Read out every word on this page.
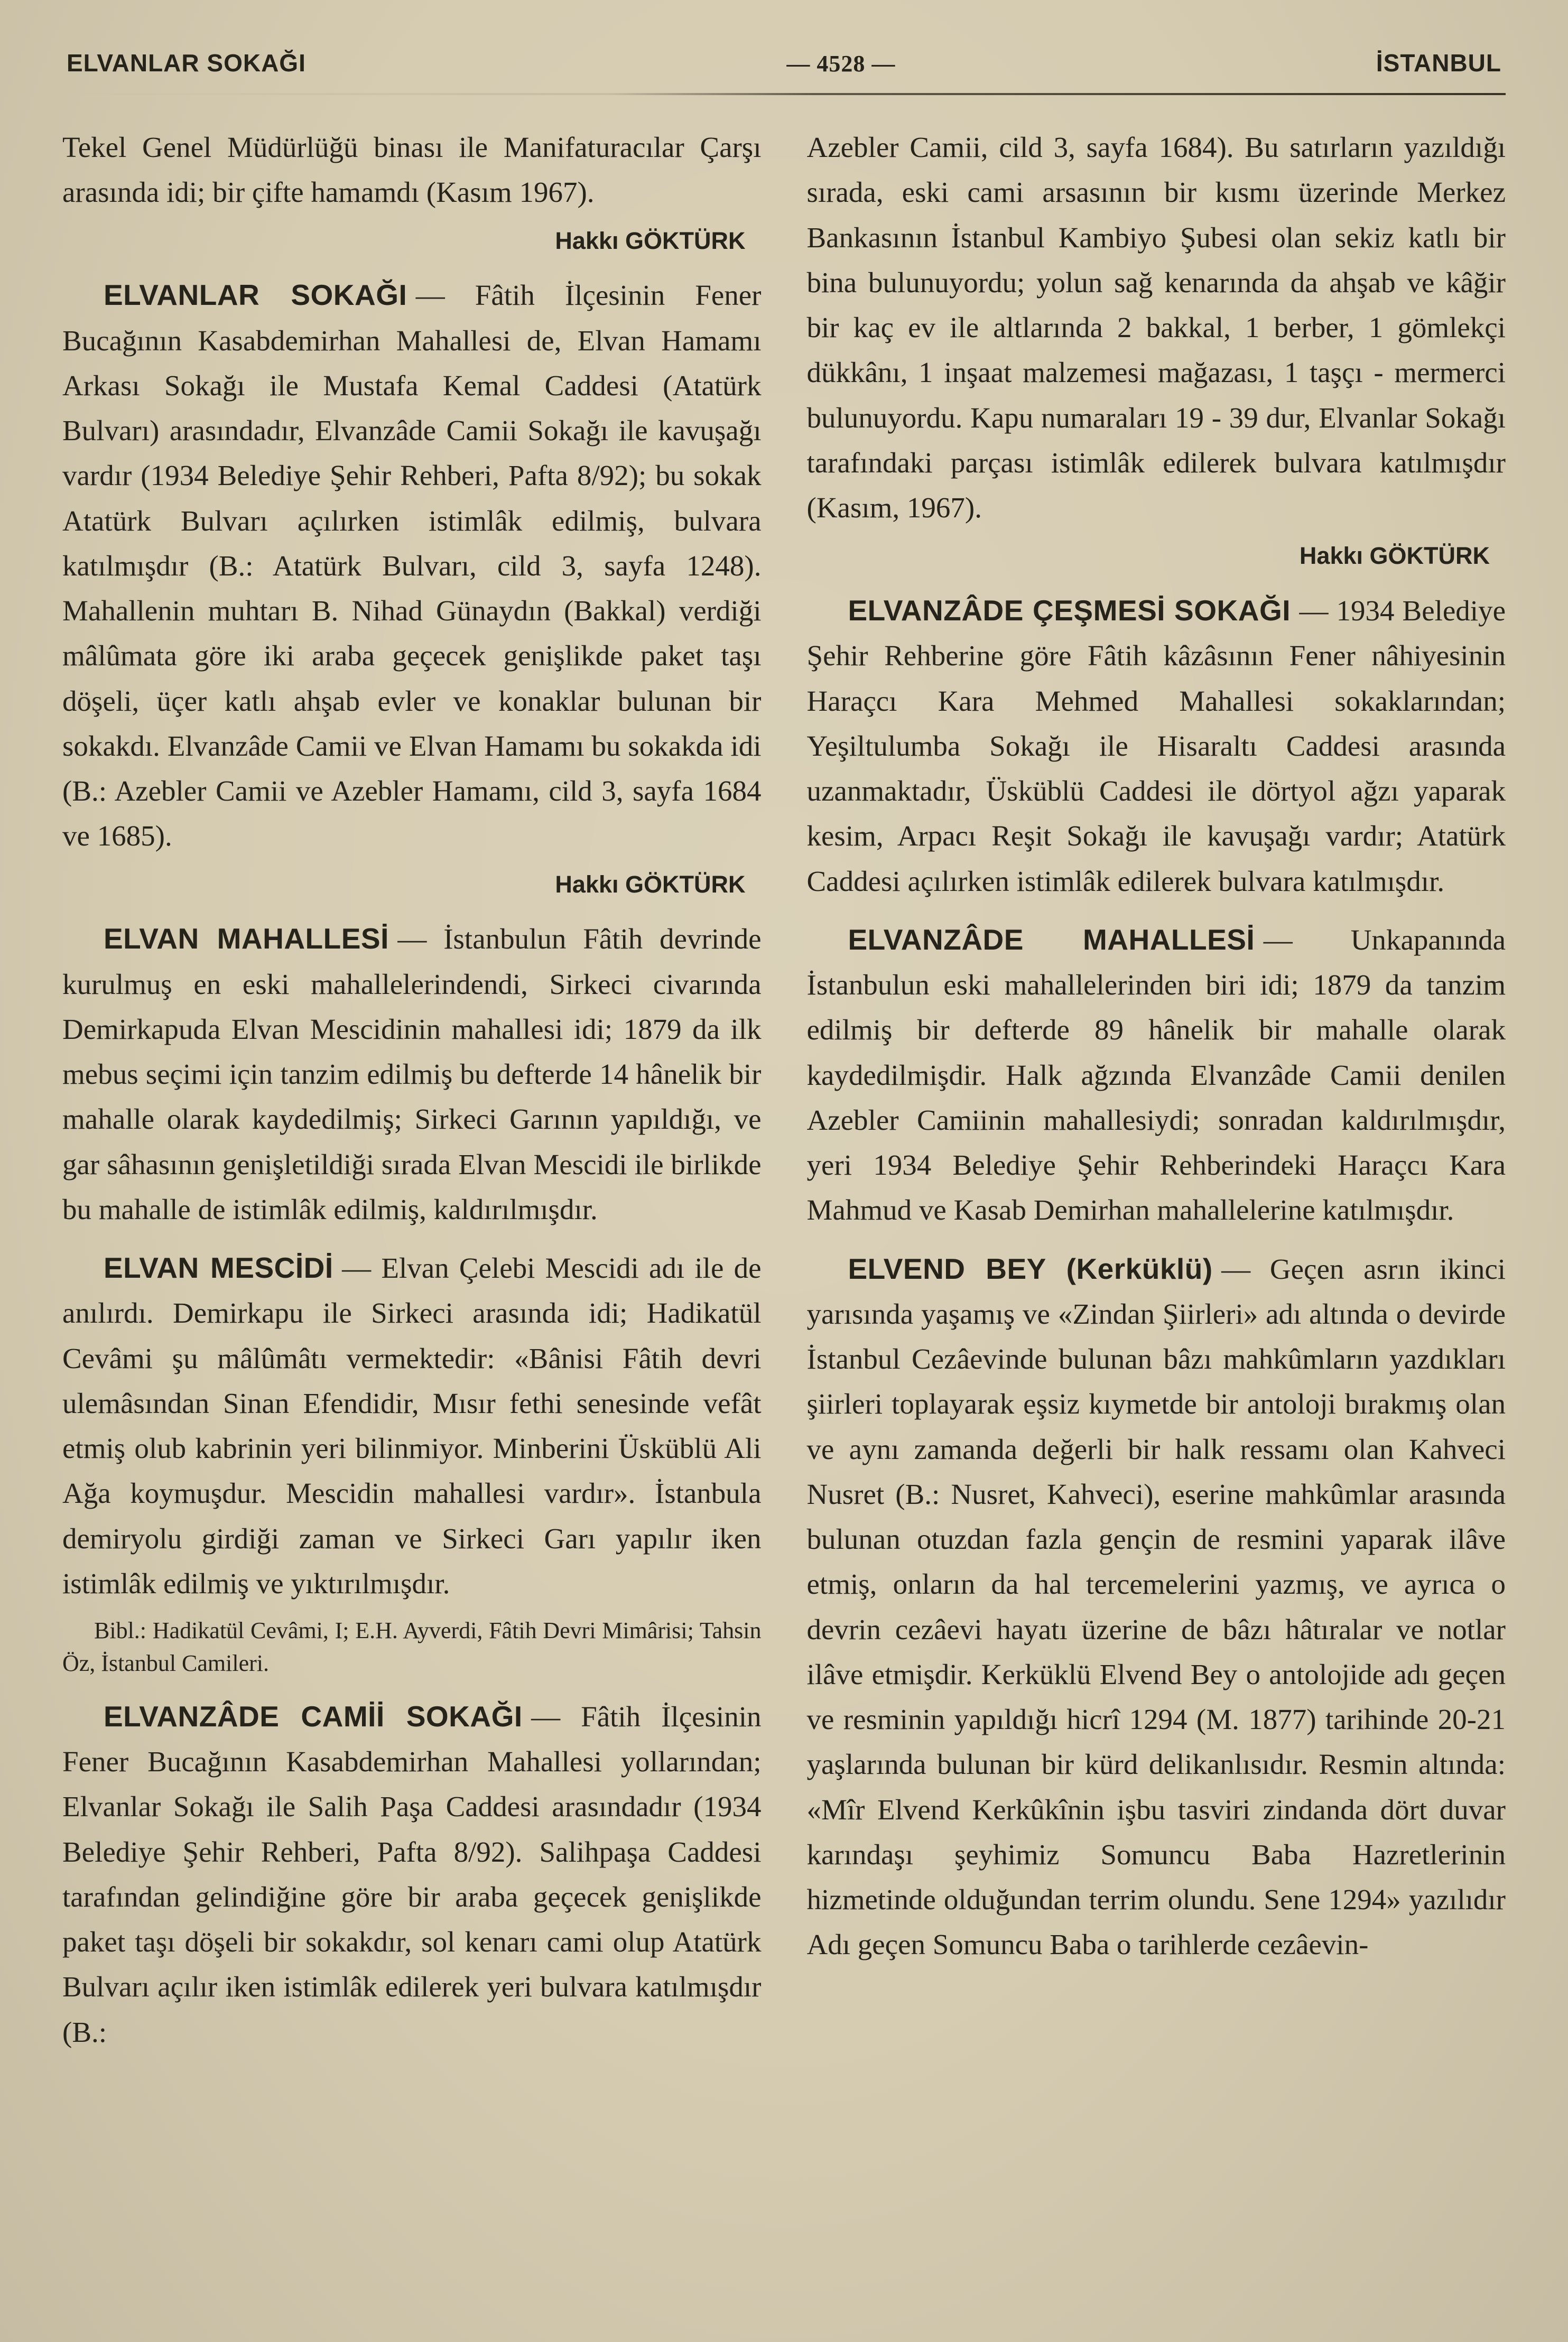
ELVANLAR SOKAĞI	— 4528 —	İSTANBUL

Tekel Genel Müdürlüğü binası ile Manifaturacılar Çarşı arasında idi; bir çifte hamamdı (Kasım 1967).

Hakkı GÖKTÜRK

ELVANLAR SOKAĞI — Fâtih İlçesinin Fener Bucağının Kasabdemirhan Mahallesi de, Elvan Hamamı Arkası Sokağı ile Mustafa Kemal Caddesi (Atatürk Bulvarı) arasındadır, Elvanzâde Camii Sokağı ile kavuşağı vardır (1934 Belediye Şehir Rehberi, Pafta 8/92); bu sokak Atatürk Bulvarı açılırken istimlâk edilmiş, bulvara katılmışdır (B.: Atatürk Bulvarı, cild 3, sayfa 1248). Mahallenin muhtarı B. Nihad Günaydın (Bakkal) verdiği mâlûmata göre iki araba geçecek genişlikde paket taşı döşeli, üçer katlı ahşab evler ve konaklar bulunan bir sokakdı. Elvanzâde Camii ve Elvan Hamamı bu sokakda idi (B.: Azebler Camii ve Azebler Hamamı, cild 3, sayfa 1684 ve 1685).

Hakkı GÖKTÜRK

ELVAN MAHALLESİ — İstanbulun Fâtih devrinde kurulmuş en eski mahallelerindendi, Sirkeci civarında Demirkapuda Elvan Mescidinin mahallesi idi; 1879 da ilk mebus seçimi için tanzim edilmiş bu defterde 14 hânelik bir mahalle olarak kaydedilmiş; Sirkeci Garının yapıldığı, ve gar sâhasının genişletildiği sırada Elvan Mescidi ile birlikde bu mahalle de istimlâk edilmiş, kaldırılmışdır.

ELVAN MESCİDİ — Elvan Çelebi Mescidi adı ile de anılırdı. Demirkapu ile Sirkeci arasında idi; Hadikatül Cevâmi şu mâlûmâtı vermektedir: «Bânisi Fâtih devri ulemâsından Sinan Efendidir, Mısır fethi senesinde vefât etmiş olub kabrinin yeri bilinmiyor. Minberini Üsküblü Ali Ağa koymuşdur. Mescidin mahallesi vardır». İstanbula demiryolu girdiği zaman ve Sirkeci Garı yapılır iken istimlâk edilmiş ve yıktırılmışdır.

Bibl.: Hadikatül Cevâmi, I; E.H. Ayverdi, Fâtih Devri Mimârisi; Tahsin Öz, İstanbul Camileri.

ELVANZÂDE CAMİİ SOKAĞI — Fâtih İlçesinin Fener Bucağının Kasabdemirhan Mahallesi yollarından; Elvanlar Sokağı ile Salih Paşa Caddesi arasındadır (1934 Belediye Şehir Rehberi, Pafta 8/92). Salihpaşa Caddesi tarafından gelindiğine göre bir araba geçecek genişlikde paket taşı döşeli bir sokakdır, sol kenarı cami olup Atatürk Bulvarı açılır iken istimlâk edilerek yeri bulvara katılmışdır (B.:

Azebler Camii, cild 3, sayfa 1684). Bu satırların yazıldığı sırada, eski cami arsasının bir kısmı üzerinde Merkez Bankasının İstanbul Kambiyo Şubesi olan sekiz katlı bir bina bulunuyordu; yolun sağ kenarında da ahşab ve kâğir bir kaç ev ile altlarında 2 bakkal, 1 berber, 1 gömlekçi dükkânı, 1 inşaat malzemesi mağazası, 1 taşçı - mermerci bulunuyordu. Kapu numaraları 19 - 39 dur, Elvanlar Sokağı tarafındaki parçası istimlâk edilerek bulvara katılmışdır (Kasım, 1967).

Hakkı GÖKTÜRK

ELVANZÂDE ÇEŞMESİ SOKAĞI — 1934 Belediye Şehir Rehberine göre Fâtih kâzâsının Fener nâhiyesinin Haraçcı Kara Mehmed Mahallesi sokaklarından; Yeşiltulumba Sokağı ile Hisaraltı Caddesi arasında uzanmaktadır, Üsküblü Caddesi ile dörtyol ağzı yaparak kesim, Arpacı Reşit Sokağı ile kavuşağı vardır; Atatürk Caddesi açılırken istimlâk edilerek bulvara katılmışdır.

ELVANZÂDE MAHALLESİ — Unkapanında İstanbulun eski mahallelerinden biri idi; 1879 da tanzim edilmiş bir defterde 89 hânelik bir mahalle olarak kaydedilmişdir. Halk ağzında Elvanzâde Camii denilen Azebler Camiinin mahallesiydi; sonradan kaldırılmışdır, yeri 1934 Belediye Şehir Rehberindeki Haraçcı Kara Mahmud ve Kasab Demirhan mahallelerine katılmışdır.

ELVEND BEY (Kerküklü) — Geçen asrın ikinci yarısında yaşamış ve «Zindan Şiirleri» adı altında o devirde İstanbul Cezâevinde bulunan bâzı mahkûmların yazdıkları şiirleri toplayarak eşsiz kıymetde bir antoloji bırakmış olan ve aynı zamanda değerli bir halk ressamı olan Kahveci Nusret (B.: Nusret, Kahveci), eserine mahkûmlar arasında bulunan otuzdan fazla gençin de resmini yaparak ilâve etmiş, onların da hal tercemelerini yazmış, ve ayrıca o devrin cezâevi hayatı üzerine de bâzı hâtıralar ve notlar ilâve etmişdir. Kerküklü Elvend Bey o antolojide adı geçen ve resminin yapıldığı hicrî 1294 (M. 1877) tarihinde 20-21 yaşlarında bulunan bir kürd delikanlısıdır. Resmin altında: «Mîr Elvend Kerkûkînin işbu tasviri zindanda dört duvar karındaşı şeyhimiz Somuncu Baba Hazretlerinin hizmetinde olduğundan terrim olundu. Sene 1294» yazılıdır Adı geçen Somuncu Baba o tarihlerde cezâevin-
